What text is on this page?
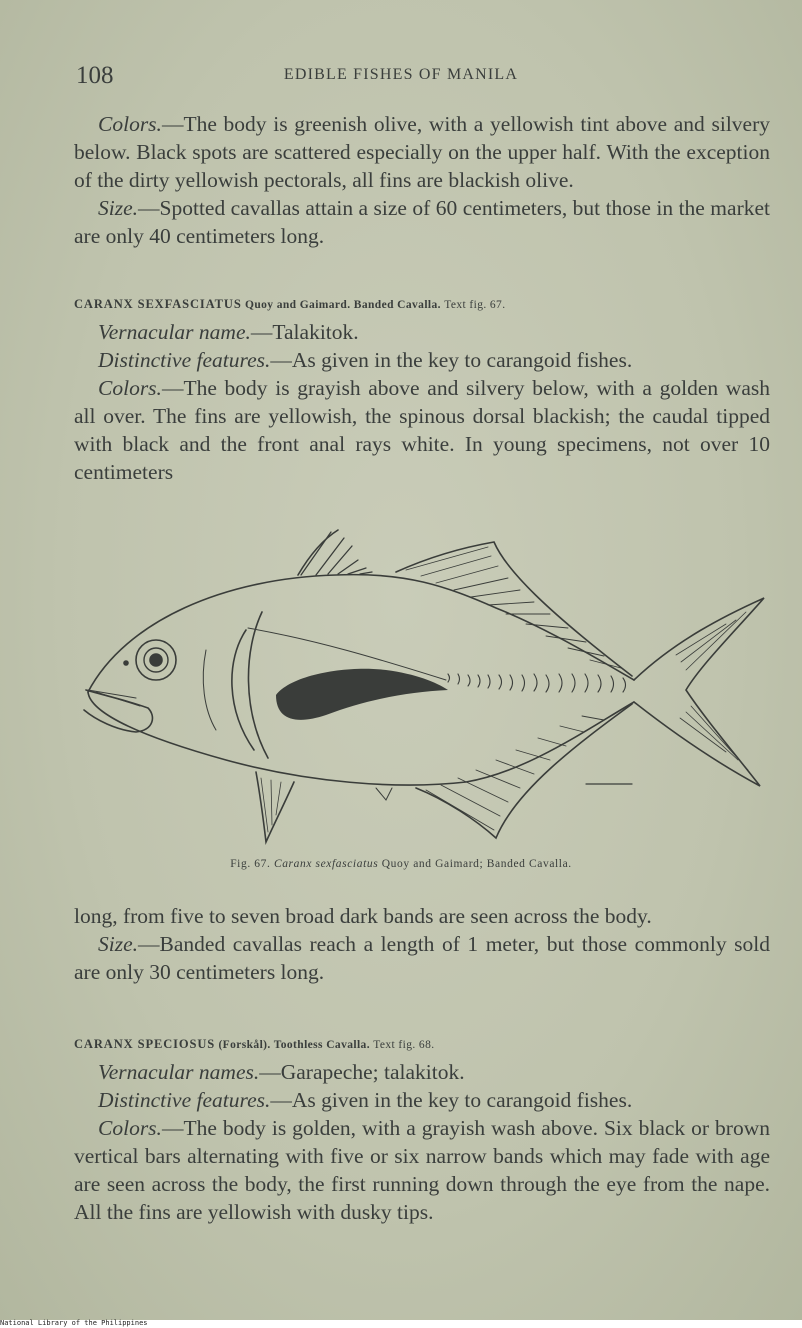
108	EDIBLE FISHES OF MANILA

Colors.—The body is greenish olive, with a yellowish tint above and silvery below. Black spots are scattered especially on the upper half. With the exception of the dirty yellowish pectorals, all fins are blackish olive.

Size.—Spotted cavallas attain a size of 60 centimeters, but those in the market are only 40 centimeters long.

CARANX SEXFASCIATUS Quoy and Gaimard. Banded Cavalla. Text fig. 67.

Vernacular name.—Talakitok.

Distinctive features.—As given in the key to carangoid fishes.

Colors.—The body is grayish above and silvery below, with a golden wash all over. The fins are yellowish, the spinous dorsal blackish; the caudal tipped with black and the front anal rays white. In young specimens, not over 10 centimeters

Fig. 67. Caranx sexfasciatus Quoy and Gaimard; Banded Cavalla.

long, from five to seven broad dark bands are seen across the body.

Size.—Banded cavallas reach a length of 1 meter, but those commonly sold are only 30 centimeters long.

CARANX SPECIOSUS (Forskål). Toothless Cavalla. Text fig. 68.

Vernacular names.—Garapeche; talakitok.

Distinctive features.—As given in the key to carangoid fishes.

Colors.—The body is golden, with a grayish wash above. Six black or brown vertical bars alternating with five or six narrow bands which may fade with age are seen across the body, the first running down through the eye from the nape. All the fins are yellowish with dusky tips.

National Library of the Philippines
